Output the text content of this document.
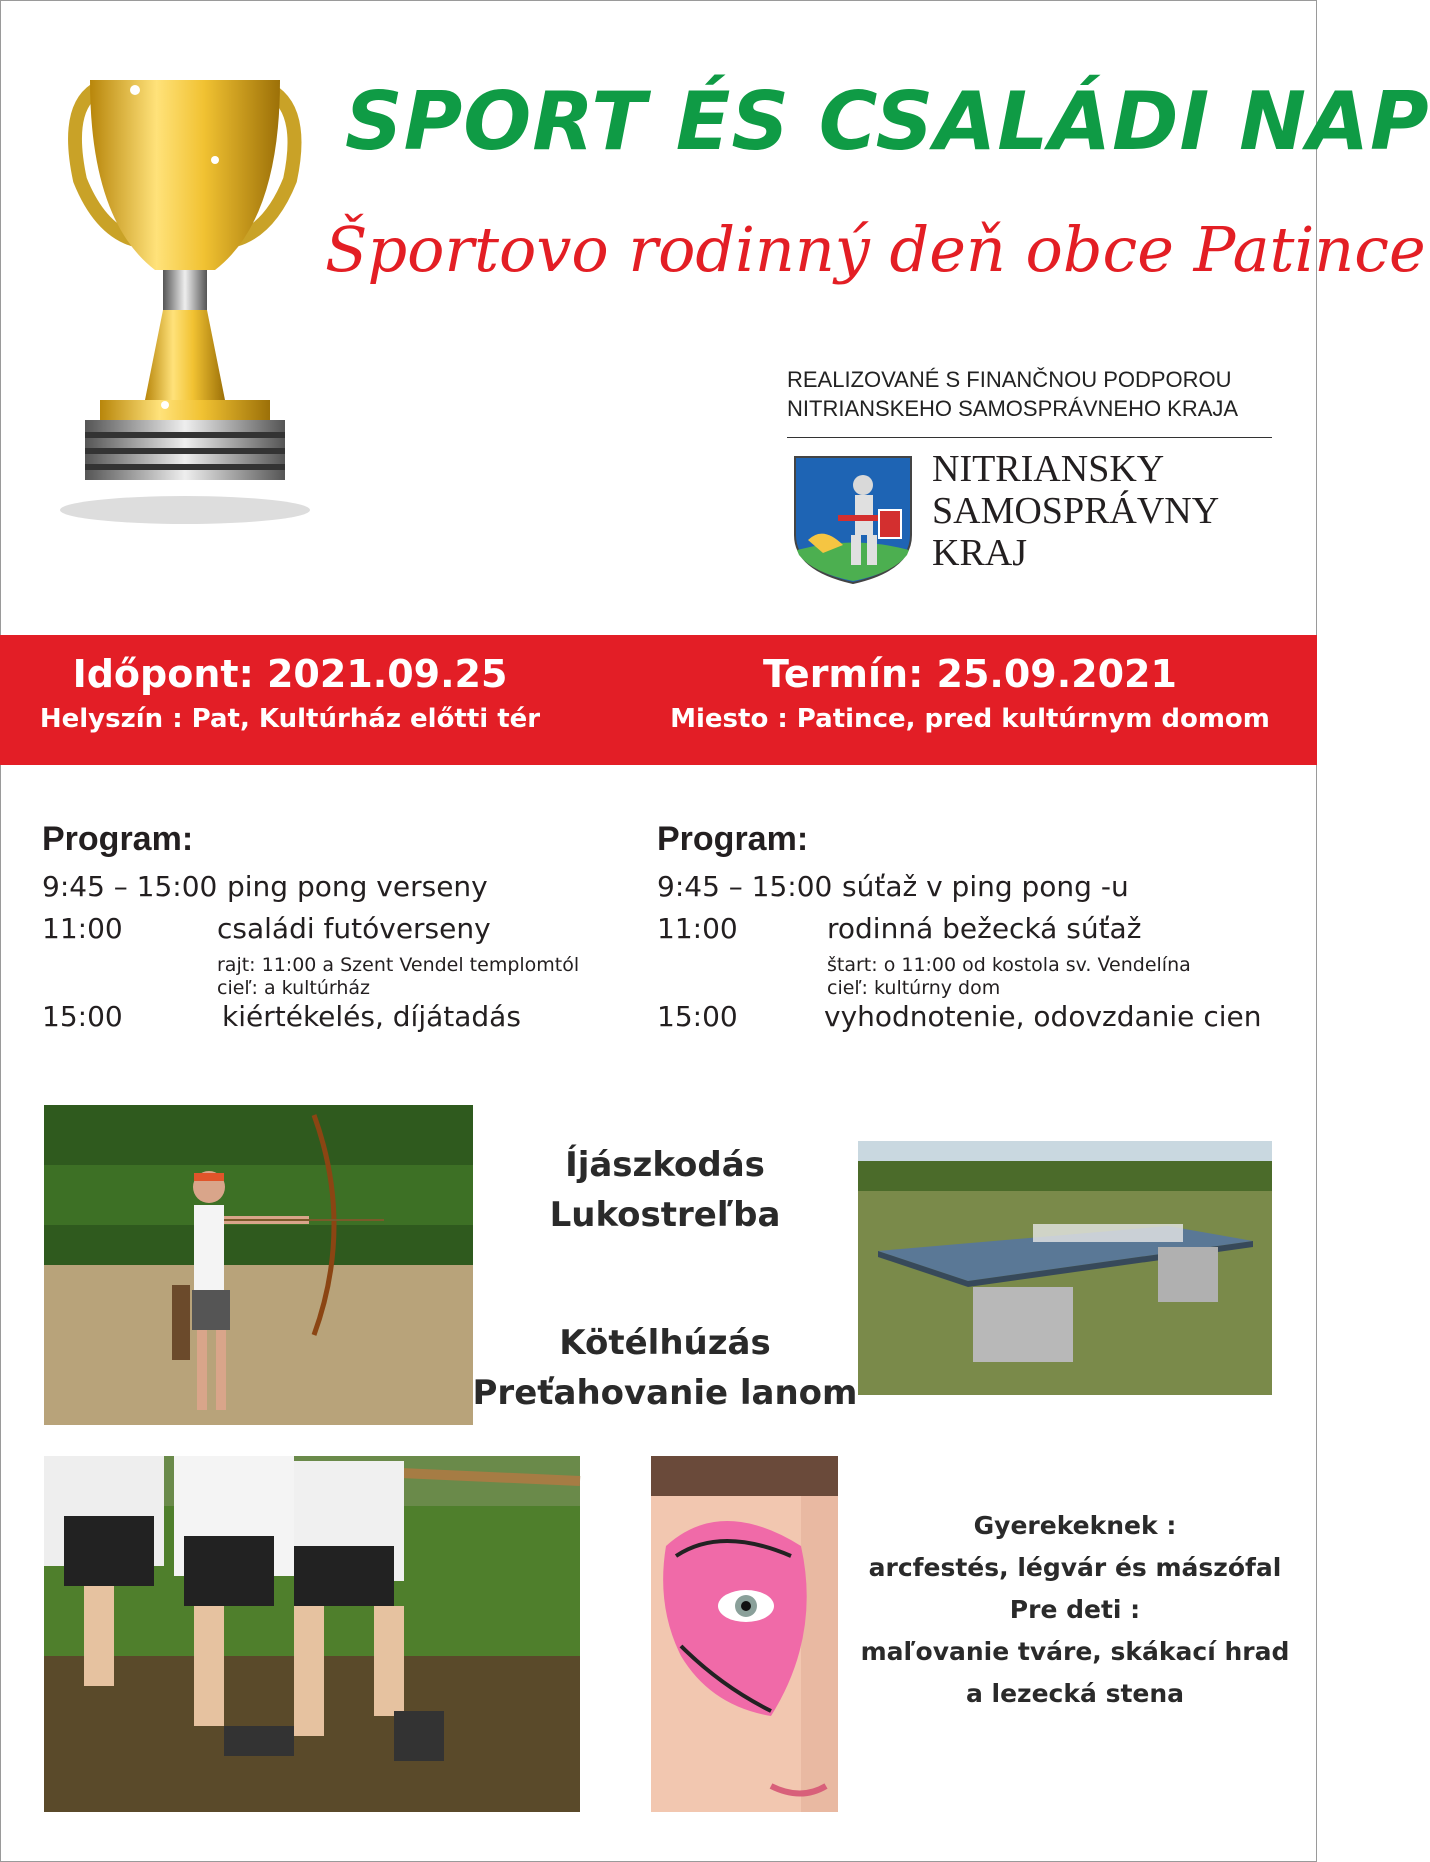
SPORT ÉS CSALÁDI NAP
Športovo rodinný deň obce Patince
REALIZOVANÉ S FINANČNOU PODPOROU
NITRIANSKEHO SAMOSPRÁVNEHO KRAJA
NITRIANSKY
SAMOSPRÁVNY
KRAJ
Időpont: 2021.09.25
Helyszín : Pat, Kultúrház előtti tér
Termín: 25.09.2021
Miesto : Patince, pred kultúrnym domom
Program:
9:45 – 15:00 ping pong verseny
11:00	családi futóverseny
rajt: 11:00 a Szent Vendel templomtól
cieľ: a kultúrház
15:00	kiértékelés, díjátadás
Program:
9:45 – 15:00 súťaž v ping pong -u
11:00	rodinná bežecká súťaž
štart: o 11:00 od kostola sv. Vendelína
cieľ: kultúrny dom
15:00	vyhodnotenie, odovzdanie cien
Íjászkodás
Lukostreľba
Kötélhúzás
Preťahovanie lanom
Gyerekeknek :
arcfestés, légvár és mászófal
Pre deti :
maľovanie tváre, skákací hrad
a lezecká stena
